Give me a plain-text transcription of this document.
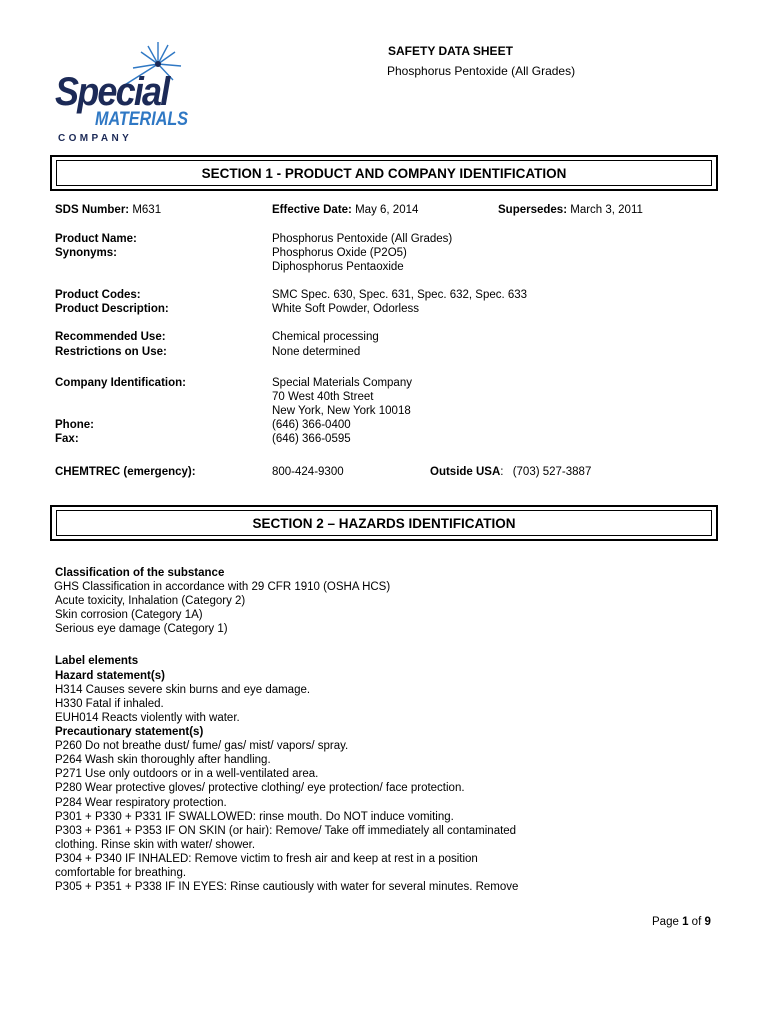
Special
MATERIALS
COMPANY
SAFETY DATA SHEET
Phosphorus Pentoxide (All Grades)
SECTION 1 - PRODUCT AND COMPANY IDENTIFICATION
SDS Number: M631	Effective Date: May 6, 2014	Supersedes: March 3, 2011
Product Name:	Phosphorus Pentoxide (All Grades)
Synonyms:	Phosphorus Oxide (P2O5)
Diphosphorus Pentaoxide
Product Codes:	SMC Spec. 630, Spec. 631, Spec. 632, Spec. 633
Product Description:	White Soft Powder, Odorless
Recommended Use:	Chemical processing
Restrictions on Use:	None determined
Company Identification:	Special Materials Company
70 West 40th Street
New York, New York 10018
Phone:	(646) 366-0400
Fax:	(646) 366-0595
CHEMTREC (emergency):	800-424-9300	Outside USA: (703) 527-3887
SECTION 2 – HAZARDS IDENTIFICATION
Classification of the substance
GHS Classification in accordance with 29 CFR 1910 (OSHA HCS)
Acute toxicity, Inhalation (Category 2)
Skin corrosion (Category 1A)
Serious eye damage (Category 1)
Label elements
Hazard statement(s)
H314 Causes severe skin burns and eye damage.
H330 Fatal if inhaled.
EUH014 Reacts violently with water.
Precautionary statement(s)
P260 Do not breathe dust/ fume/ gas/ mist/ vapors/ spray.
P264 Wash skin thoroughly after handling.
P271 Use only outdoors or in a well-ventilated area.
P280 Wear protective gloves/ protective clothing/ eye protection/ face protection.
P284 Wear respiratory protection.
P301 + P330 + P331 IF SWALLOWED: rinse mouth. Do NOT induce vomiting.
P303 + P361 + P353 IF ON SKIN (or hair): Remove/ Take off immediately all contaminated
clothing. Rinse skin with water/ shower.
P304 + P340 IF INHALED: Remove victim to fresh air and keep at rest in a position
comfortable for breathing.
P305 + P351 + P338 IF IN EYES: Rinse cautiously with water for several minutes. Remove
Page 1 of 9
